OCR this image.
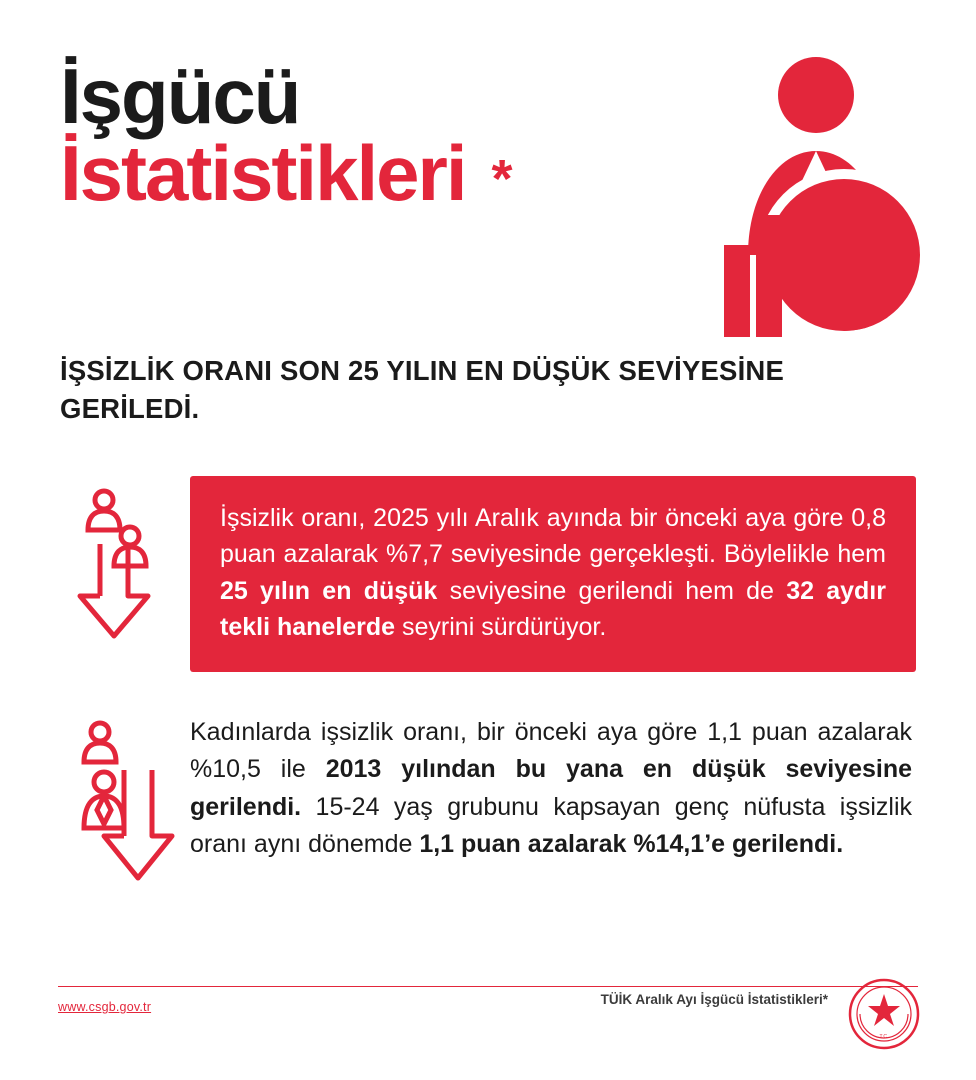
İşgücü
İstatistikleri *
İŞSİZLİK ORANI SON 25 YILIN EN DÜŞÜK SEVİYESİNE GERİLEDİ.
İşsizlik oranı, 2025 yılı Aralık ayında bir önceki aya göre 0,8 puan azalarak %7,7 seviyesinde gerçekleşti. Böylelikle hem 25 yılın en düşük seviyesine gerilendi hem de 32 aydır tekli hanelerde seyrini sürdürüyor.
Kadınlarda işsizlik oranı, bir önceki aya göre 1,1 puan azalarak %10,5 ile 2013 yılından bu yana en düşük seviyesine gerilendi. 15-24 yaş grubunu kapsayan genç nüfusta işsizlik oranı aynı dönemde 1,1 puan azalarak %14,1’e gerilendi.
www.csgb.gov.tr	TÜİK Aralık Ayı İşgücü İstatistikleri*
T.C.
